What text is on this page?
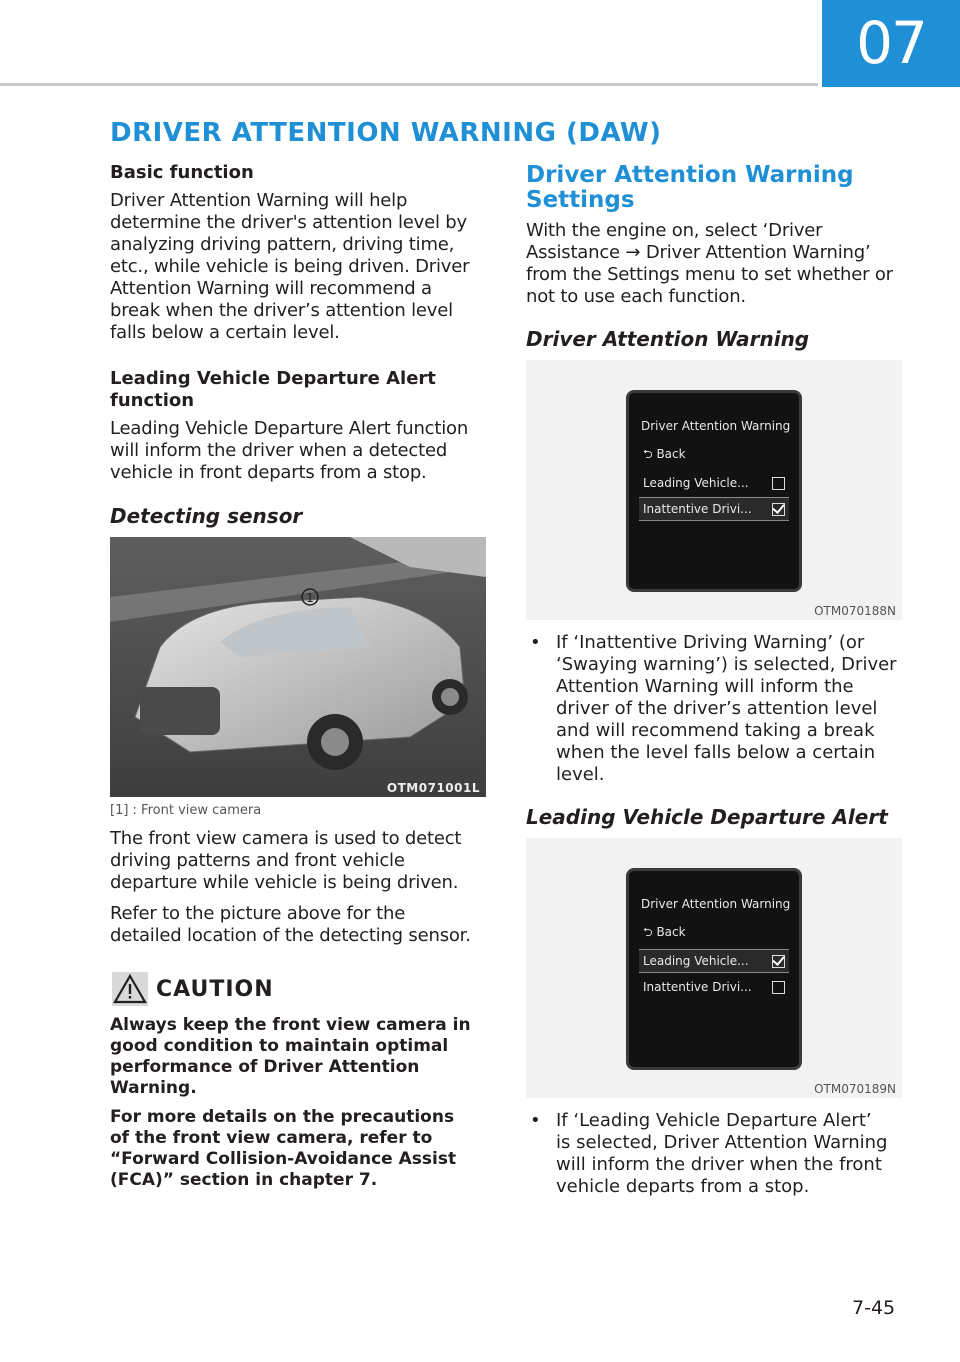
07
DRIVER ATTENTION WARNING (DAW)

Basic function

Driver Attention Warning will help
determine the driver's attention level by
analyzing driving pattern, driving time,
etc., while vehicle is being driven. Driver
Attention Warning will recommend a
break when the driver’s attention level
falls below a certain level.
Leading Vehicle Departure Alert
function
Leading Vehicle Departure Alert function
will inform the driver when a detected
vehicle in front departs from a stop.
Detecting sensor
1
OTM071001L
[1] : Front view camera
The front view camera is used to detect
driving patterns and front vehicle
departure while vehicle is being driven.
Refer to the picture above for the
detailed location of the detecting sensor.
CAUTION
Always keep the front view camera in
good condition to maintain optimal
performance of Driver Attention
Warning.
For more details on the precautions
of the front view camera, refer to
“Forward Collision-Avoidance Assist
(FCA)” section in chapter 7.
Driver Attention Warning
Settings
With the engine on, select ‘Driver
Assistance → Driver Attention Warning’
from the Settings menu to set whether or
not to use each function.
Driver Attention Warning
Driver Attention Warning
⮌ Back
Leading Vehicle...
Inattentive Drivi...
OTM070188N
• If ‘Inattentive Driving Warning’ (or
‘Swaying warning’) is selected, Driver
Attention Warning will inform the
driver of the driver’s attention level
and will recommend taking a break
when the level falls below a certain
level.
Leading Vehicle Departure Alert
Driver Attention Warning
⮌ Back
Leading Vehicle...
Inattentive Drivi...
OTM070189N
• If ‘Leading Vehicle Departure Alert’
is selected, Driver Attention Warning
will inform the driver when the front
vehicle departs from a stop.
7-45
